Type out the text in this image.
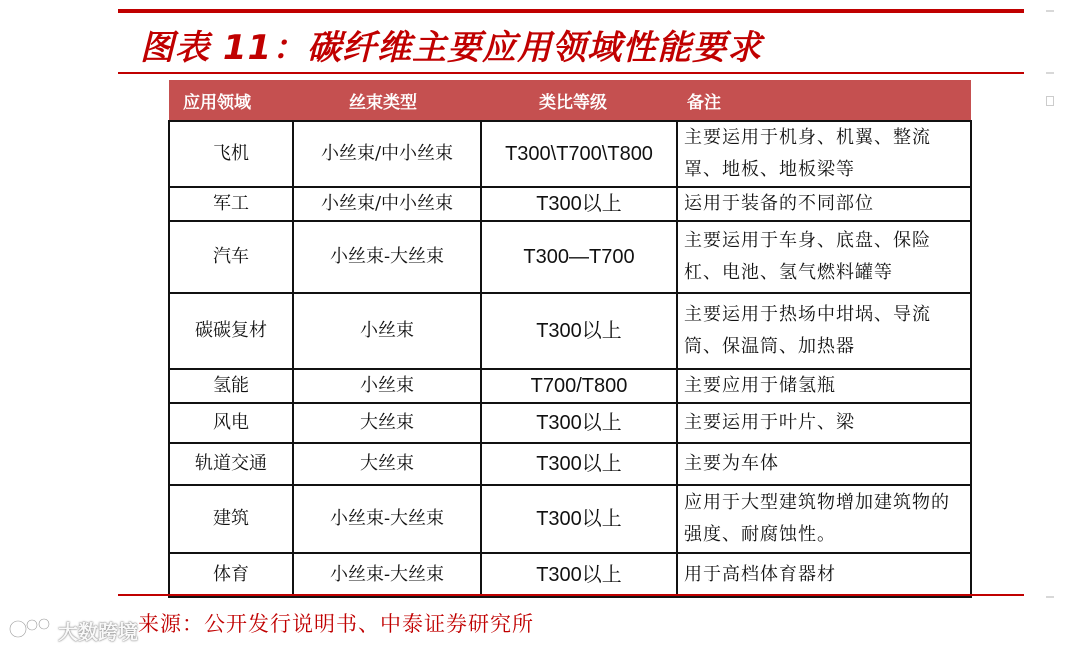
图表 11：碳纤维主要应用领域性能要求
应用领域	丝束类型	类比等级	备注
飞机	小丝束/中小丝束	T300\T700\T800	主要运用于机身、机翼、整流罩、地板、地板梁等
军工	小丝束/中小丝束	T300以上	运用于装备的不同部位
汽车	小丝束-大丝束	T300—T700	主要运用于车身、底盘、保险杠、电池、氢气燃料罐等
碳碳复材	小丝束	T300以上	主要运用于热场中坩埚、导流筒、保温筒、加热器
氢能	小丝束	T700/T800	主要应用于储氢瓶
风电	大丝束	T300以上	主要运用于叶片、梁
轨道交通	大丝束	T300以上	主要为车体
建筑	小丝束-大丝束	T300以上	应用于大型建筑物增加建筑物的强度、耐腐蚀性。
体育	小丝束-大丝束	T300以上	用于高档体育器材
来源：公开发行说明书、中泰证券研究所
大数跨境
